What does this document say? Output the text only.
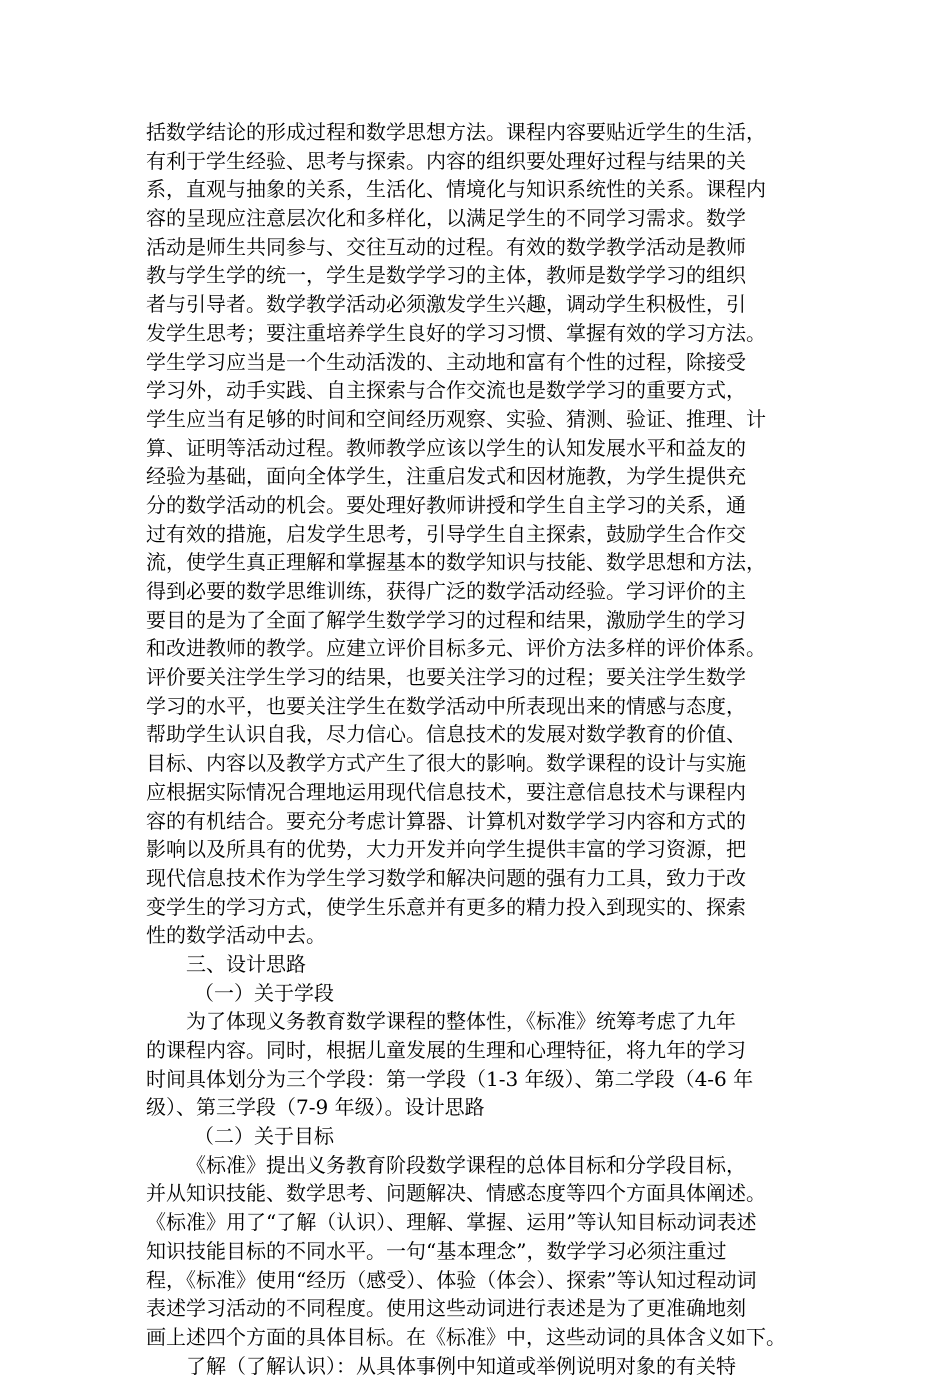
括数学结论的形成过程和数学思想方法。课程内容要贴近学生的生活，
有利于学生经验、思考与探索。内容的组织要处理好过程与结果的关
系，直观与抽象的关系，生活化、情境化与知识系统性的关系。课程内
容的呈现应注意层次化和多样化，以满足学生的不同学习需求。数学
活动是师生共同参与、交往互动的过程。有效的数学教学活动是教师
教与学生学的统一，学生是数学学习的主体，教师是数学学习的组织
者与引导者。数学教学活动必须激发学生兴趣，调动学生积极性，引
发学生思考；要注重培养学生良好的学习习惯、掌握有效的学习方法。
学生学习应当是一个生动活泼的、主动地和富有个性的过程，除接受
学习外，动手实践、自主探索与合作交流也是数学学习的重要方式，
学生应当有足够的时间和空间经历观察、实验、猜测、验证、推理、计
算、证明等活动过程。教师教学应该以学生的认知发展水平和益友的
经验为基础，面向全体学生，注重启发式和因材施教，为学生提供充
分的数学活动的机会。要处理好教师讲授和学生自主学习的关系，通
过有效的措施，启发学生思考，引导学生自主探索，鼓励学生合作交
流，使学生真正理解和掌握基本的数学知识与技能、数学思想和方法，
得到必要的数学思维训练，获得广泛的数学活动经验。学习评价的主
要目的是为了全面了解学生数学学习的过程和结果，激励学生的学习
和改进教师的教学。应建立评价目标多元、评价方法多样的评价体系。
评价要关注学生学习的结果，也要关注学习的过程；要关注学生数学
学习的水平，也要关注学生在数学活动中所表现出来的情感与态度，
帮助学生认识自我，尽力信心。信息技术的发展对数学教育的价值、
目标、内容以及教学方式产生了很大的影响。数学课程的设计与实施
应根据实际情况合理地运用现代信息技术，要注意信息技术与课程内
容的有机结合。要充分考虑计算器、计算机对数学学习内容和方式的
影响以及所具有的优势，大力开发并向学生提供丰富的学习资源，把
现代信息技术作为学生学习数学和解决问题的强有力工具，致力于改
变学生的学习方式，使学生乐意并有更多的精力投入到现实的、探索
性的数学活动中去。
三、设计思路
（一）关于学段
为了体现义务教育数学课程的整体性，《标准》统筹考虑了九年
的课程内容。同时，根据儿童发展的生理和心理特征，将九年的学习
时间具体划分为三个学段：第一学段（1-3 年级）、第二学段（4-6 年
级）、第三学段（7-9 年级）。设计思路
（二）关于目标
《标准》提出义务教育阶段数学课程的总体目标和分学段目标，
并从知识技能、数学思考、问题解决、情感态度等四个方面具体阐述。
《标准》用了“了解（认识）、理解、掌握、运用”等认知目标动词表述
知识技能目标的不同水平。一句“基本理念”，数学学习必须注重过
程，《标准》使用“经历（感受）、体验（体会）、探索”等认知过程动词
表述学习活动的不同程度。使用这些动词进行表述是为了更准确地刻
画上述四个方面的具体目标。在《标准》中，这些动词的具体含义如下。
了解（了解认识）：从具体事例中知道或举例说明对象的有关特
